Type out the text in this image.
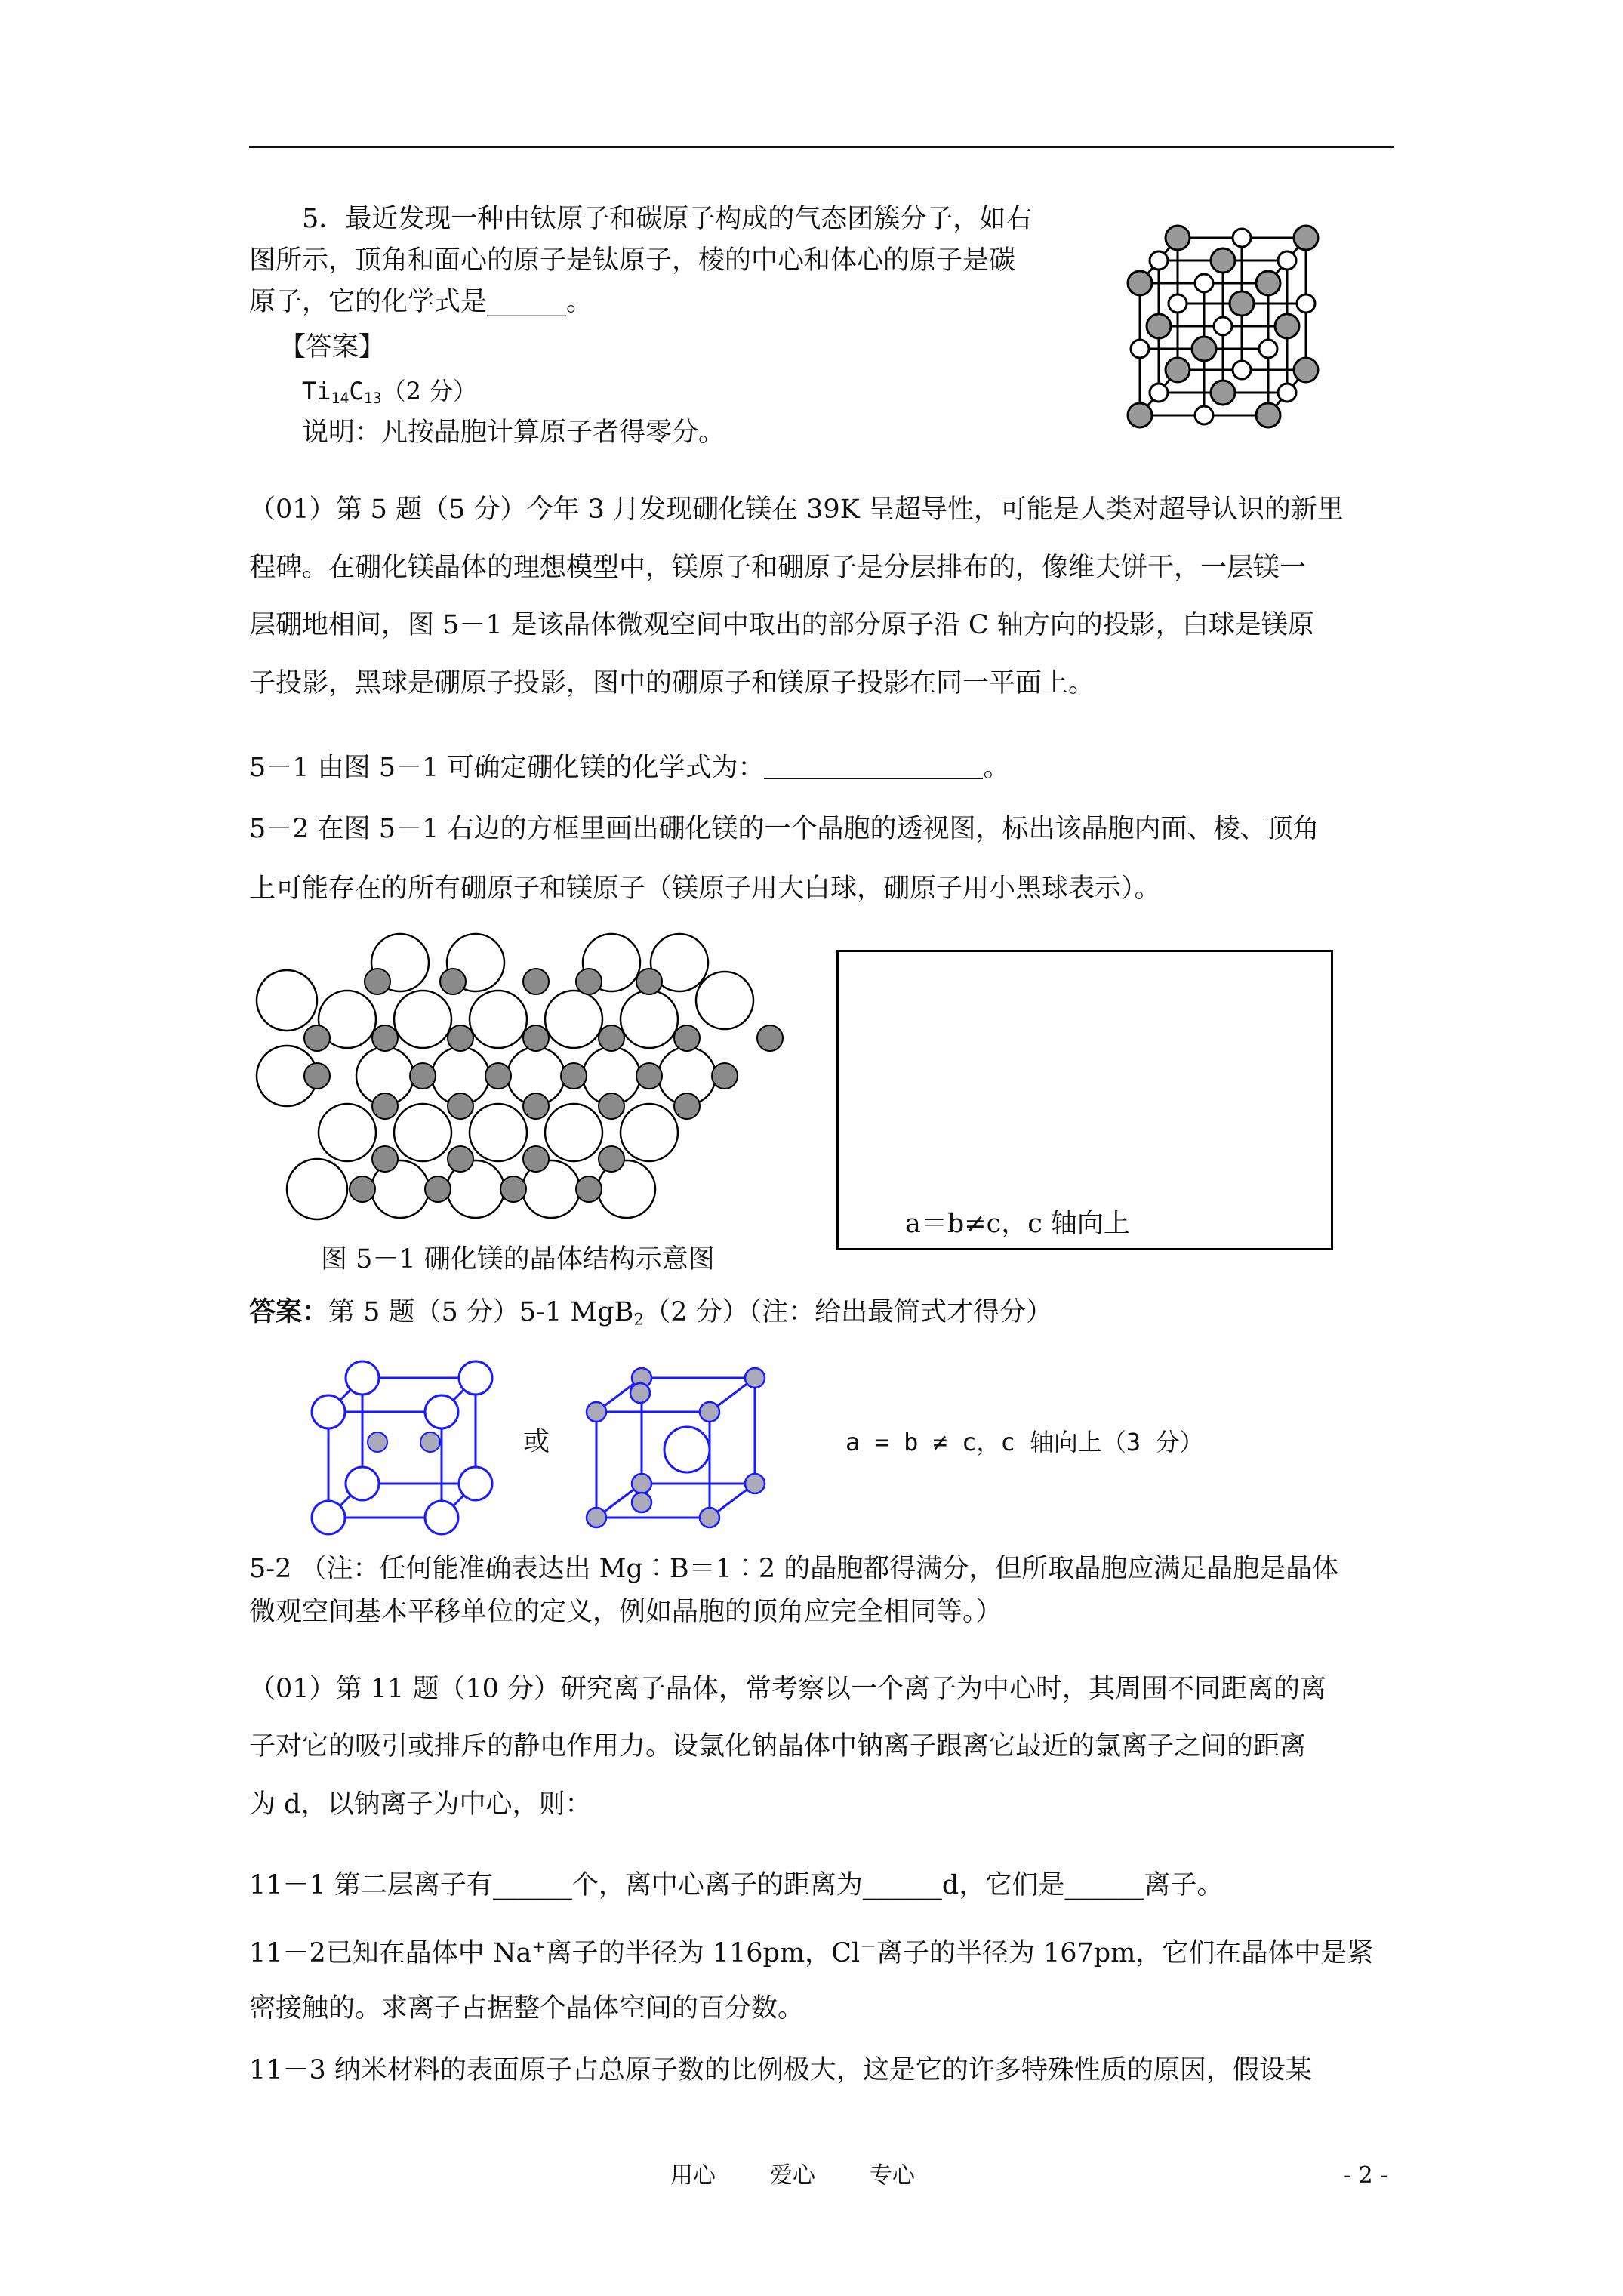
5．最近发现一种由钛原子和碳原子构成的气态团簇分子，如右
图所示，顶角和面心的原子是钛原子，棱的中心和体心的原子是碳
原子，它的化学式是______。
【答案】
$Ti_{14}C_{13}(2$ 分）
说明：凡按晶胞计算原子者得零分。
（01）第 5 题（5 分）今年 3 月发现硼化镁在 39K 呈超导性，可能是人类对超导认识的新里
程碑。在硼化镁晶体的理想模型中，镁原子和硼原子是分层排布的，像维夫饼干，一层镁一
层硼地相间，图 5－1 是该晶体微观空间中取出的部分原子沿 C 轴方向的投影，白球是镁原
子投影，黑球是硼原子投影，图中的硼原子和镁原子投影在同一平面上。
5－1 由图 5－1 可确定硼化镁的化学式为：	。
5－2 在图 5－1 右边的方框里画出硼化镁的一个晶胞的透视图，标出该晶胞内面、棱、顶角
上可能存在的所有硼原子和镁原子（镁原子用大白球，硼原子用小黑球表示）。
a＝b≠c，c 轴向上
图 5－1 硼化镁的晶体结构示意图
答案：第 5 题（5 分）5-1 MgB$_2$（2 分）（注：给出最简式才得分）
或	a = b ≠ c，c 轴向上（3 分）
5-2 （注：任何能准确表达出 Mg︰B＝1︰2 的晶胞都得满分，但所取晶胞应满足晶胞是晶体
微观空间基本平移单位的定义，例如晶胞的顶角应完全相同等。）
（01）第 11 题（10 分）研究离子晶体，常考察以一个离子为中心时，其周围不同距离的离
子对它的吸引或排斥的静电作用力。设氯化钠晶体中钠离子跟离它最近的氯离子之间的距离
为 d，以钠离子为中心，则：
11－1 第二层离子有______个，离中心离子的距离为______d，它们是______离子。
11－2已知在晶体中 Na+离子的半径为 116pm，Cl－离子的半径为 167pm，它们在晶体中是紧
密接触的。求离子占据整个晶体空间的百分数。
11－3 纳米材料的表面原子占总原子数的比例极大，这是它的许多特殊性质的原因，假设某
用心 爱心 专心	- 2 -
